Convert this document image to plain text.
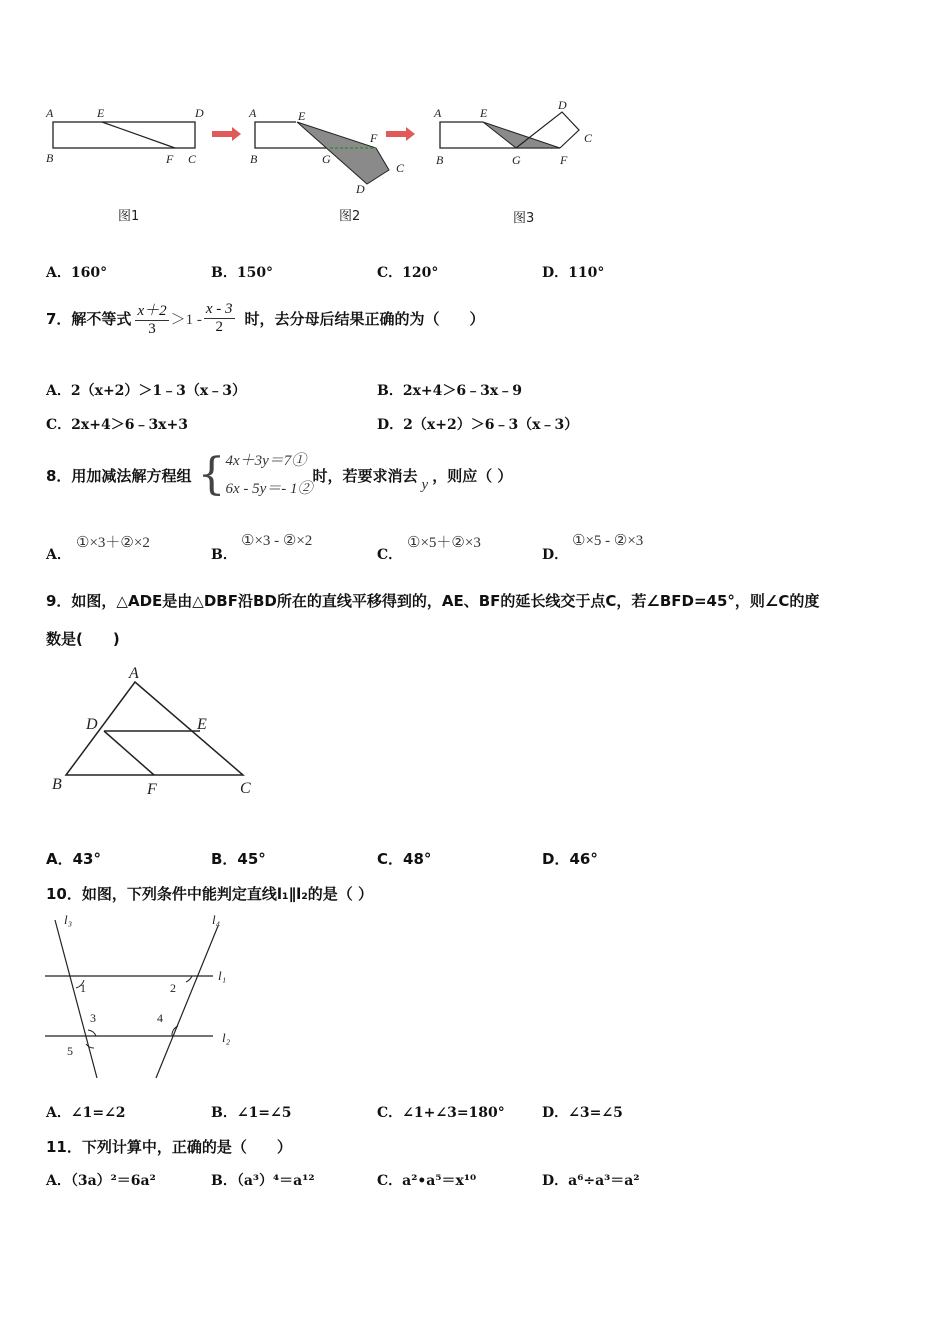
A	E	D
B	F C
A	E
F
B	G
C
D
A	E
D
C
B	G	F
图1	图2	图3
A．160°	B．150°	C．120°	D．110°
7．解不等式 $\frac{x+2}{3} >1 - \frac{x - 3}{2}$ 时，去分母后结果正确的为（　　）
A．2（x+2）＞1﹣3（x﹣3）	B．2x+4＞6﹣3x﹣9
C．2x+4＞6﹣3x+3	D．2（x+2）＞6﹣3（x﹣3）
8．用加减法解方程组 { 4x＋3y＝7①
6x - 5y＝- 1②
时，若要求消去 y ，则应（ ）
A．
①×3＋②×2
B．
①×3 - ②×2
C．
①×5＋②×3
D．
①×5 - ②×3
9．如图，△ADE是由△DBF沿BD所在的直线平移得到的，AE、BF的延长线交于点C，若∠BFD=45°，则∠C的度
数是(　　)
A
D	E
B	F	C
A．43°	B．45°	C．48°	D．46°
10．如图，下列条件中能判定直线l₁∥l₂的是（ ）
l₃	l₄
l₁
l₂
1	2
3	4
5
A．∠1=∠2	B．∠1=∠5	C．∠1+∠3=180°	D．∠3=∠5
11．下列计算中，正确的是（　　）
A．（3a）²＝6a²	B．（a³）⁴＝a¹²	C．a²•a⁵＝x¹⁰	D．a⁶÷a³＝a²
